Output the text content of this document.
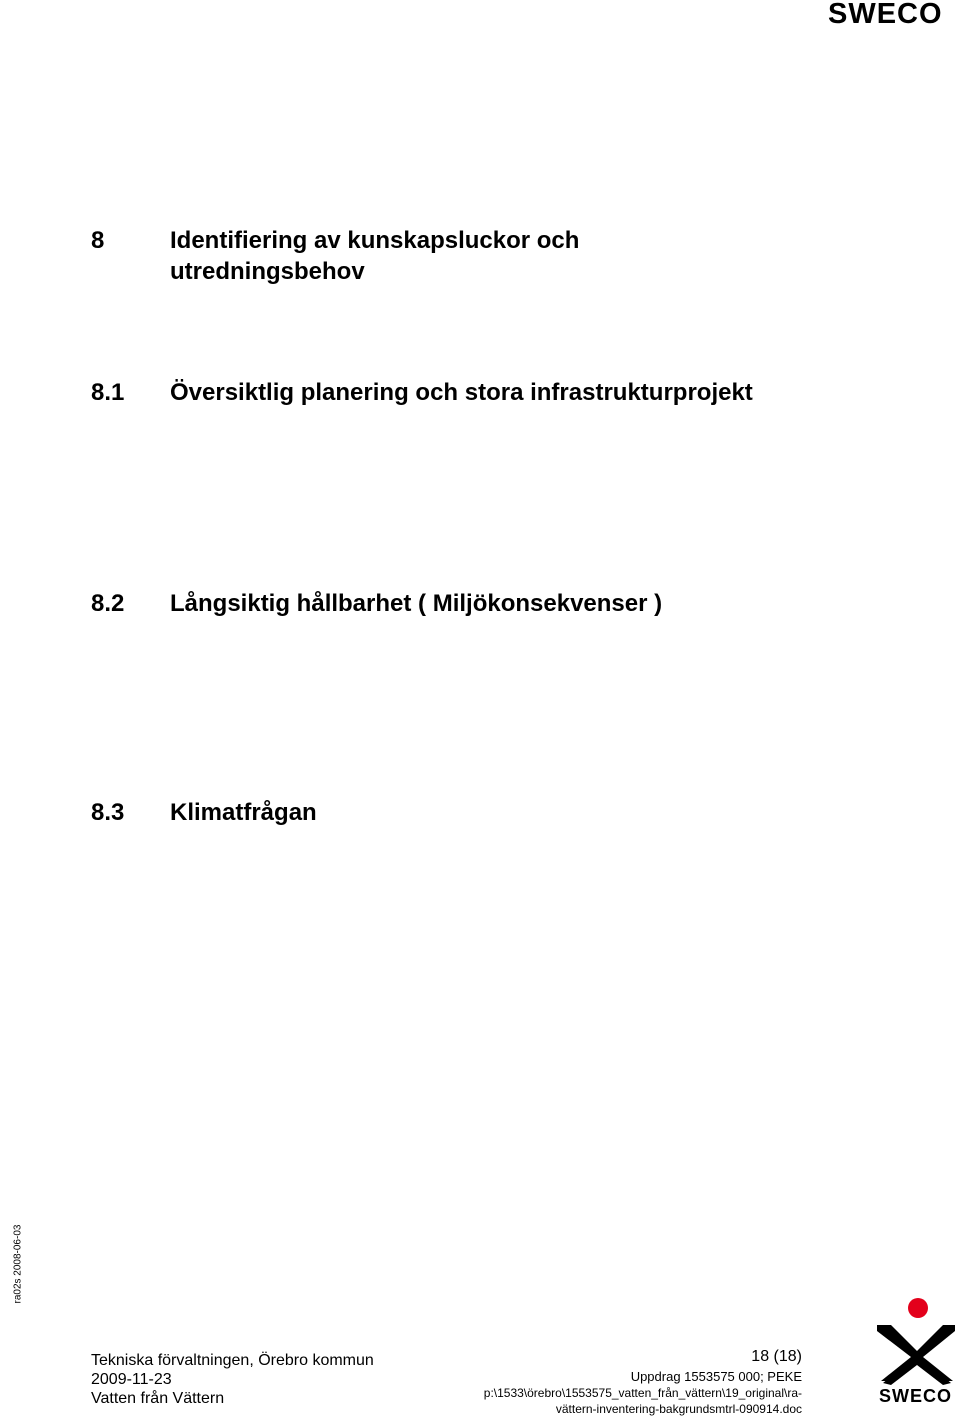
SWECO
8	Identifiering av kunskapsluckor och utredningsbehov
8.1 Översiktlig planering och stora infrastrukturprojekt
8.2 Långsiktig hållbarhet ( Miljökonsekvenser )
8.3 Klimatfrågan
ra02s 2008-06-03
Tekniska förvaltningen, Örebro kommun
2009-11-23
Vatten från Vättern
18 (18)
Uppdrag 1553575 000; PEKE
p:\1533\örebro\1553575_vatten_från_vättern\19_original\ra-
vättern-inventering-bakgrundsmtrl-090914.doc
SWECO
